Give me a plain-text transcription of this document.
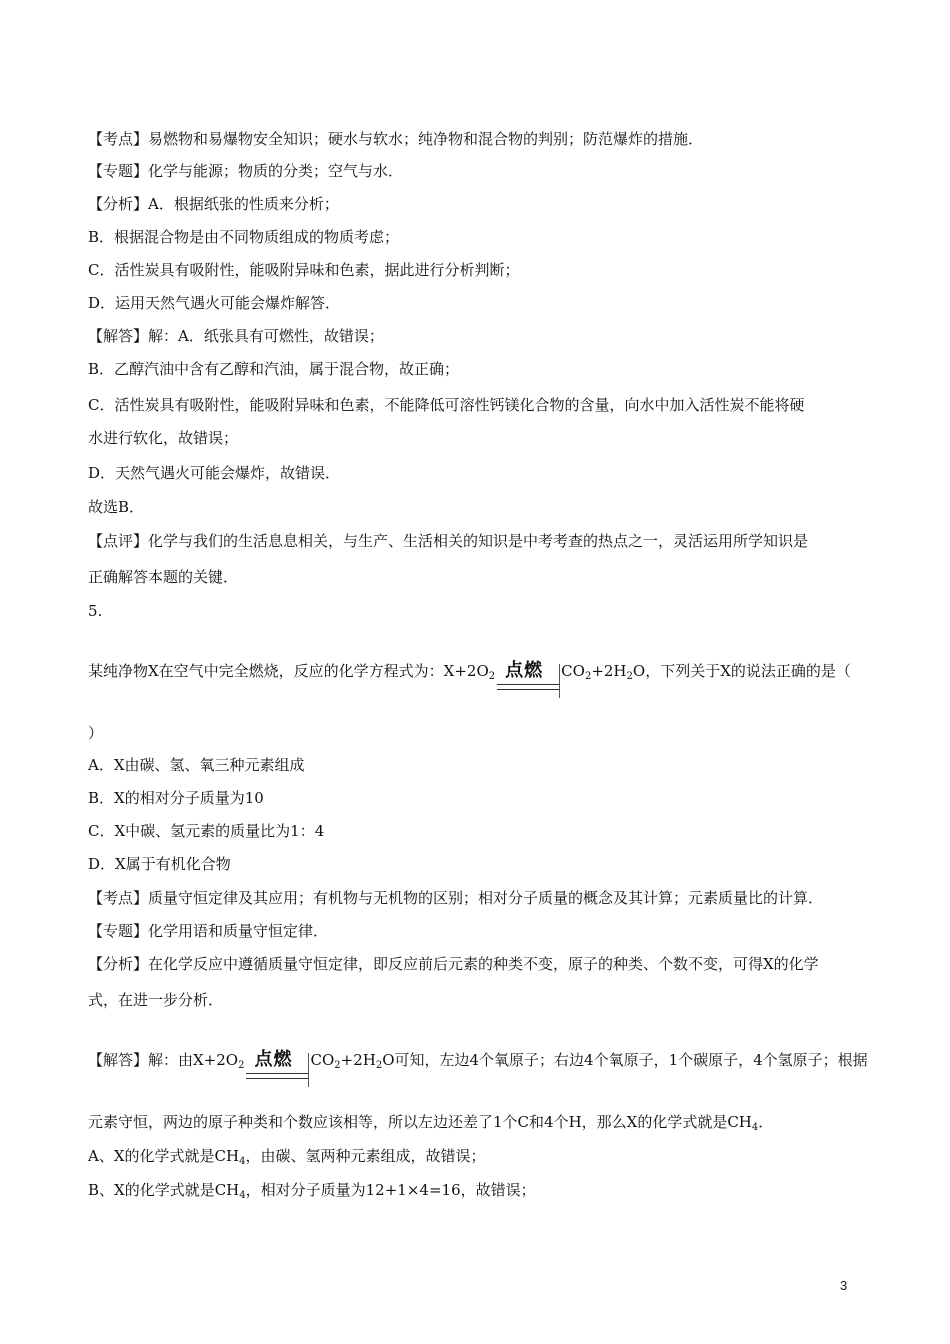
【考点】易燃物和易爆物安全知识；硬水与软水；纯净物和混合物的判别；防范爆炸的措施．
【专题】化学与能源；物质的分类；空气与水．
【分析】A．根据纸张的性质来分析；
B．根据混合物是由不同物质组成的物质考虑；
C．活性炭具有吸附性，能吸附异味和色素，据此进行分析判断；
D．运用天然气遇火可能会爆炸解答．
【解答】解：A．纸张具有可燃性，故错误；
B．乙醇汽油中含有乙醇和汽油，属于混合物，故正确；
C．活性炭具有吸附性，能吸附异味和色素，不能降低可溶性钙镁化合物的含量，向水中加入活性炭不能将硬
水进行软化，故错误；
D．天然气遇火可能会爆炸，故错误．
故选B．
【点评】化学与我们的生活息息相关，与生产、生活相关的知识是中考考查的热点之一，灵活运用所学知识是
正确解答本题的关键．
5.
某纯净物X在空气中完全燃烧，反应的化学方程式为：$X+2O_2$ 点燃 $CO_2+2H_2O$，下列关于X的说法正确的是（
）
A．X由碳、氢、氧三种元素组成
B．X的相对分子质量为10
C．X中碳、氢元素的质量比为1：4
D．X属于有机化合物
【考点】质量守恒定律及其应用；有机物与无机物的区别；相对分子质量的概念及其计算；元素质量比的计算．
【专题】化学用语和质量守恒定律．
【分析】在化学反应中遵循质量守恒定律，即反应前后元素的种类不变，原子的种类、个数不变，可得X的化学
式，在进一步分析．
【解答】解：由$X+2O_2$ 点燃 $CO_2+2H_2O$可知，左边4个氧原子；右边4个氧原子，1个碳原子，4个氢原子；根据
元素守恒，两边的原子种类和个数应该相等，所以左边还差了1个C和4个H，那么X的化学式就是$CH_4$．
A、X的化学式就是$CH_4$，由碳、氢两种元素组成，故错误；
B、X的化学式就是$CH_4$，相对分子质量为12+1×4=16，故错误；
3
